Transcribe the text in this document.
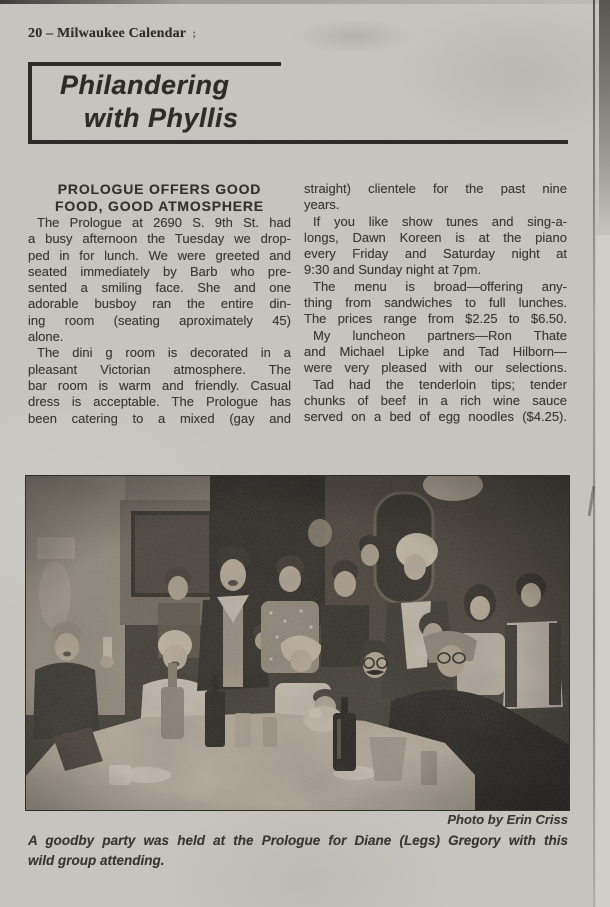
20 – Milwaukee Calendar ;
Philandering
with Phyllis
PROLOGUE OFFERS GOOD
FOOD, GOOD ATMOSPHERE
The Prologue at 2690 S. 9th St. had
a busy afternoon the Tuesday we drop-
ped in for lunch. We were greeted and
seated immediately by Barb who pre-
sented a smiling face. She and one
adorable busboy ran the entire din-
ing room (seating aproximately 45)
alone.
The dini g room is decorated in a
pleasant Victorian atmosphere. The
bar room is warm and friendly. Casual
dress is acceptable. The Prologue has
been catering to a mixed (gay and
straight) clientele for the past nine
years.
If you like show tunes and sing-a-
longs, Dawn Koreen is at the piano
every Friday and Saturday night at
9:30 and Sunday night at 7pm.
The menu is broad—offering any-
thing from sandwiches to full lunches.
The prices range from $2.25 to $6.50.
My luncheon partners—Ron Thate
and Michael Lipke and Tad Hilborn—
were very pleased with our selections.
Tad had the tenderloin tips; tender
chunks of beef in a rich wine sauce
served on a bed of egg noodles ($4.25).
Photo by Erin Criss
A goodby party was held at the Prologue for Diane (Legs) Gregory with this
wild group attending.
